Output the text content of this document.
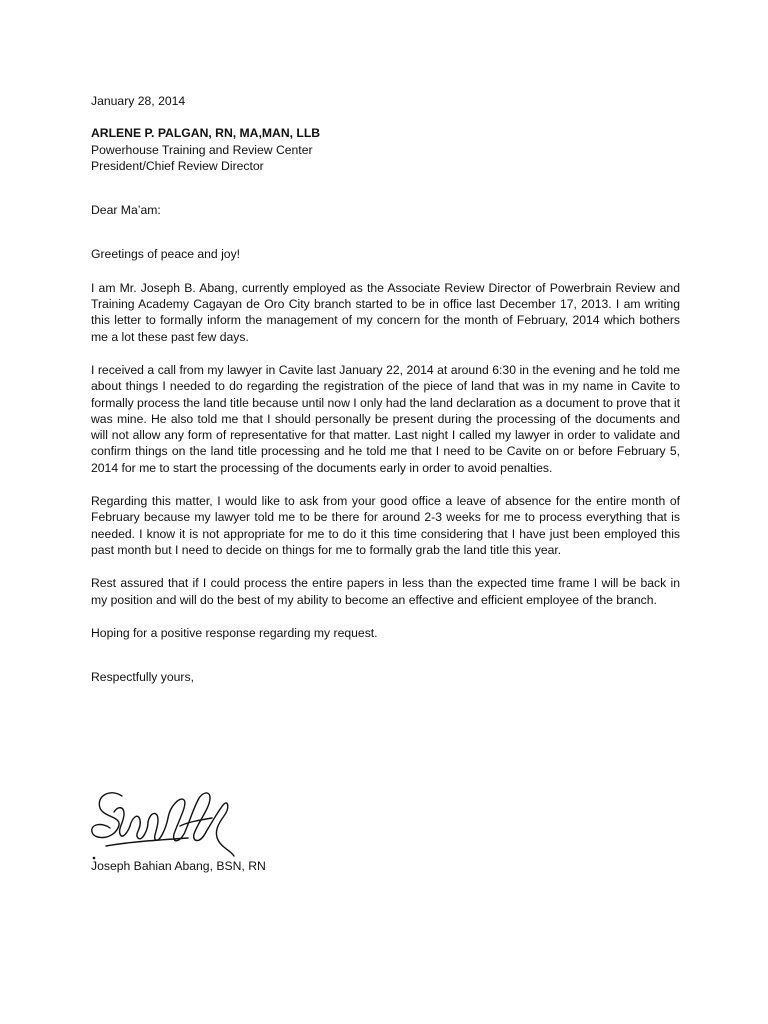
January 28, 2014

ARLENE P. PALGAN, RN, MA,MAN, LLB

Powerhouse Training and Review Center

President/Chief Review Director

Dear Ma’am:

Greetings of peace and joy!

I am Mr. Joseph B. Abang, currently employed as the Associate Review Director of Powerbrain Review and Training Academy Cagayan de Oro City branch started to be in office last December 17, 2013. I am writing this letter to formally inform the management of my concern for the month of February, 2014 which bothers me a lot these past few days.

I received a call from my lawyer in Cavite last January 22, 2014 at around 6:30 in the evening and he told me about things I needed to do regarding the registration of the piece of land that was in my name in Cavite to formally process the land title because until now I only had the land declaration as a document to prove that it was mine. He also told me that I should personally be present during the processing of the documents and will not allow any form of representative for that matter. Last night I called my lawyer in order to validate and confirm things on the land title processing and he told me that I need to be Cavite on or before February 5, 2014 for me to start the processing of the documents early in order to avoid penalties.

Regarding this matter, I would like to ask from your good office a leave of absence for the entire month of February because my lawyer told me to be there for around 2-3 weeks for me to process everything that is needed. I know it is not appropriate for me to do it this time considering that I have just been employed this past month but I need to decide on things for me to formally grab the land title this year.

Rest assured that if I could process the entire papers in less than the expected time frame I will be back in my position and will do the best of my ability to become an effective and efficient employee of the branch.

Hoping for a positive response regarding my request.

Respectfully yours,

Joseph Bahian Abang, BSN, RN
